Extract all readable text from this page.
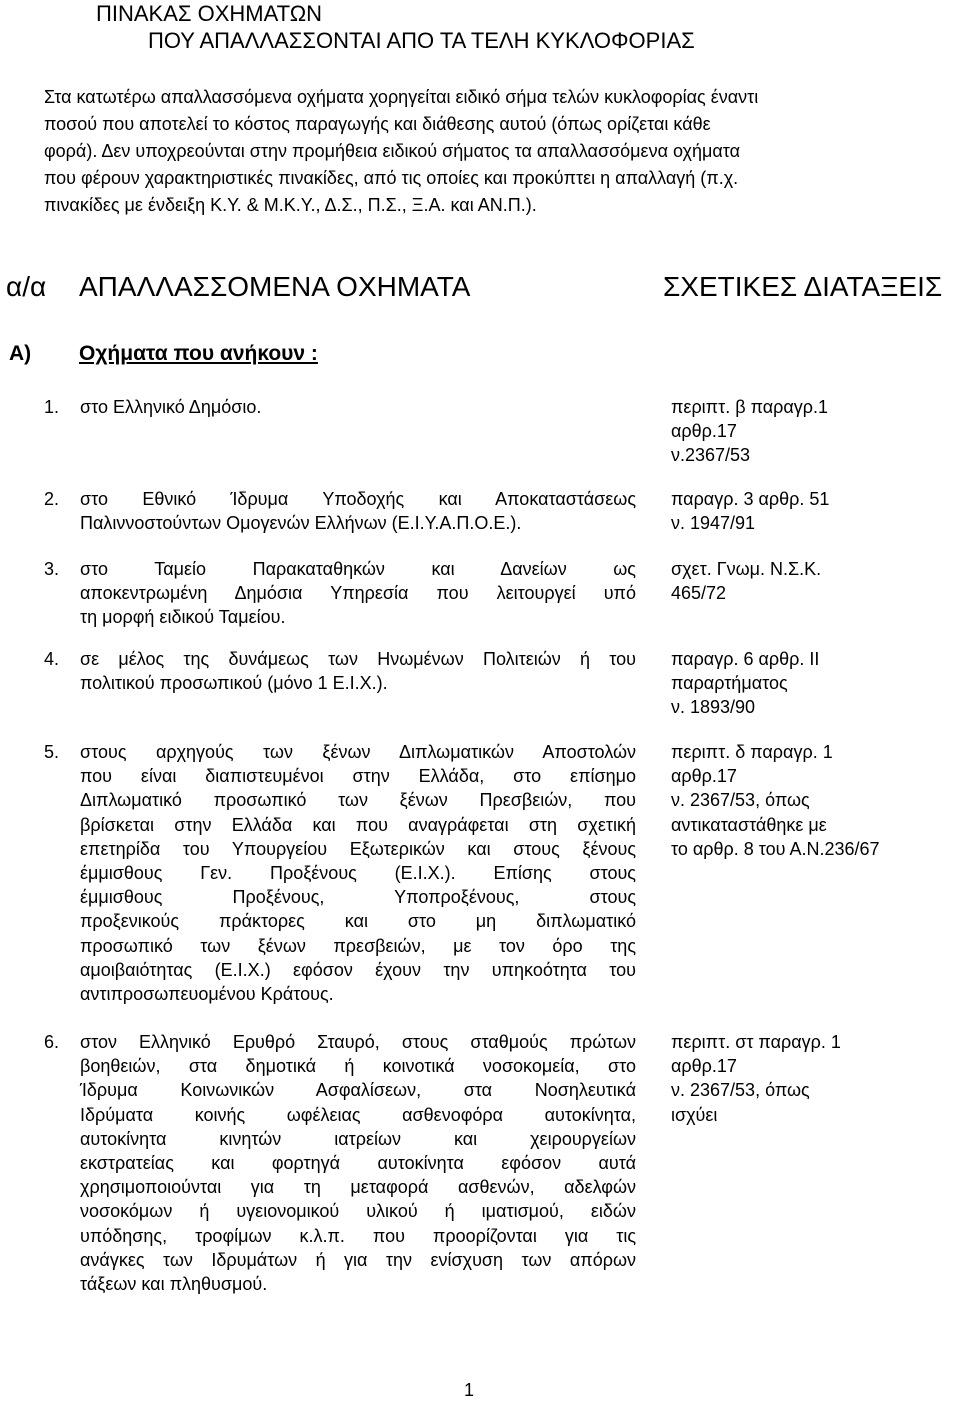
ΠΙΝΑΚΑΣ ΟΧΗΜΑΤΩΝ
ΠΟΥ ΑΠΑΛΛΑΣΣΟΝΤΑΙ ΑΠΟ ΤΑ ΤΕΛΗ ΚΥΚΛΟΦΟΡΙΑΣ
Στα κατωτέρω απαλλασσόμενα οχήματα χορηγείται ειδικό σήμα τελών κυκλοφορίας έναντι
ποσού που αποτελεί το κόστος παραγωγής και διάθεσης αυτού (όπως ορίζεται κάθε
φορά). Δεν υποχρεούνται στην προμήθεια ειδικού σήματος τα απαλλασσόμενα οχήματα
που φέρουν χαρακτηριστικές πινακίδες, από τις οποίες και προκύπτει η απαλλαγή (π.χ.
πινακίδες με ένδειξη Κ.Υ. & Μ.Κ.Υ., Δ.Σ., Π.Σ., Ξ.Α. και ΑΝ.Π.).
α/α ΑΠΑΛΛΑΣΣΟΜΕΝΑ ΟΧΗΜΑΤΑ	ΣΧΕΤΙΚΕΣ ΔΙΑΤΑΞΕΙΣ
Α) Οχήματα που ανήκουν :
1. στο Ελληνικό Δημόσιο.	περιπτ. β παραγρ.1
αρθρ.17
ν.2367/53
2. στο Εθνικό Ίδρυμα Υποδοχής και Αποκαταστάσεως
Παλιννοστούντων Ομογενών Ελλήνων (Ε.Ι.Υ.Α.Π.Ο.Ε.).
παραγρ. 3 αρθρ. 51
ν. 1947/91
3. στο Ταμείο Παρακαταθηκών και Δανείων ως
αποκεντρωμένη Δημόσια Υπηρεσία που λειτουργεί υπό
τη μορφή ειδικού Ταμείου.
σχετ. Γνωμ. Ν.Σ.Κ.
465/72
4. σε μέλος της δυνάμεως των Ηνωμένων Πολιτειών ή του
πολιτικού προσωπικού (μόνο 1 Ε.Ι.Χ.).
παραγρ. 6 αρθρ. ΙΙ
παραρτήματος
ν. 1893/90
5. στους αρχηγούς των ξένων Διπλωματικών Αποστολών
που είναι διαπιστευμένοι στην Ελλάδα, στο επίσημο
Διπλωματικό προσωπικό των ξένων Πρεσβειών, που
βρίσκεται στην Ελλάδα και που αναγράφεται στη σχετική
επετηρίδα του Υπουργείου Εξωτερικών και στους ξένους
έμμισθους Γεν. Προξένους (Ε.Ι.Χ.). Επίσης στους
έμμισθους Προξένους, Υποπροξένους, στους
προξενικούς πράκτορες και στο μη διπλωματικό
προσωπικό των ξένων πρεσβειών, με τον όρο της
αμοιβαιότητας (Ε.Ι.Χ.) εφόσον έχουν την υπηκοότητα του
αντιπροσωπευομένου Κράτους.
περιπτ. δ παραγρ. 1
αρθρ.17
ν. 2367/53, όπως
αντικαταστάθηκε με
το αρθρ. 8 του Α.Ν.236/67
6. στον Ελληνικό Ερυθρό Σταυρό, στους σταθμούς πρώτων
βοηθειών, στα δημοτικά ή κοινοτικά νοσοκομεία, στο
Ίδρυμα Κοινωνικών Ασφαλίσεων, στα Νοσηλευτικά
Ιδρύματα κοινής ωφέλειας ασθενοφόρα αυτοκίνητα,
αυτοκίνητα κινητών ιατρείων και χειρουργείων
εκστρατείας και φορτηγά αυτοκίνητα εφόσον αυτά
χρησιμοποιούνται για τη μεταφορά ασθενών, αδελφών
νοσοκόμων ή υγειονομικού υλικού ή ιματισμού, ειδών
υπόδησης, τροφίμων κ.λ.π. που προορίζονται για τις
ανάγκες των Ιδρυμάτων ή για την ενίσχυση των απόρων
τάξεων και πληθυσμού.
περιπτ. στ παραγρ. 1
αρθρ.17
ν. 2367/53, όπως
ισχύει
1
